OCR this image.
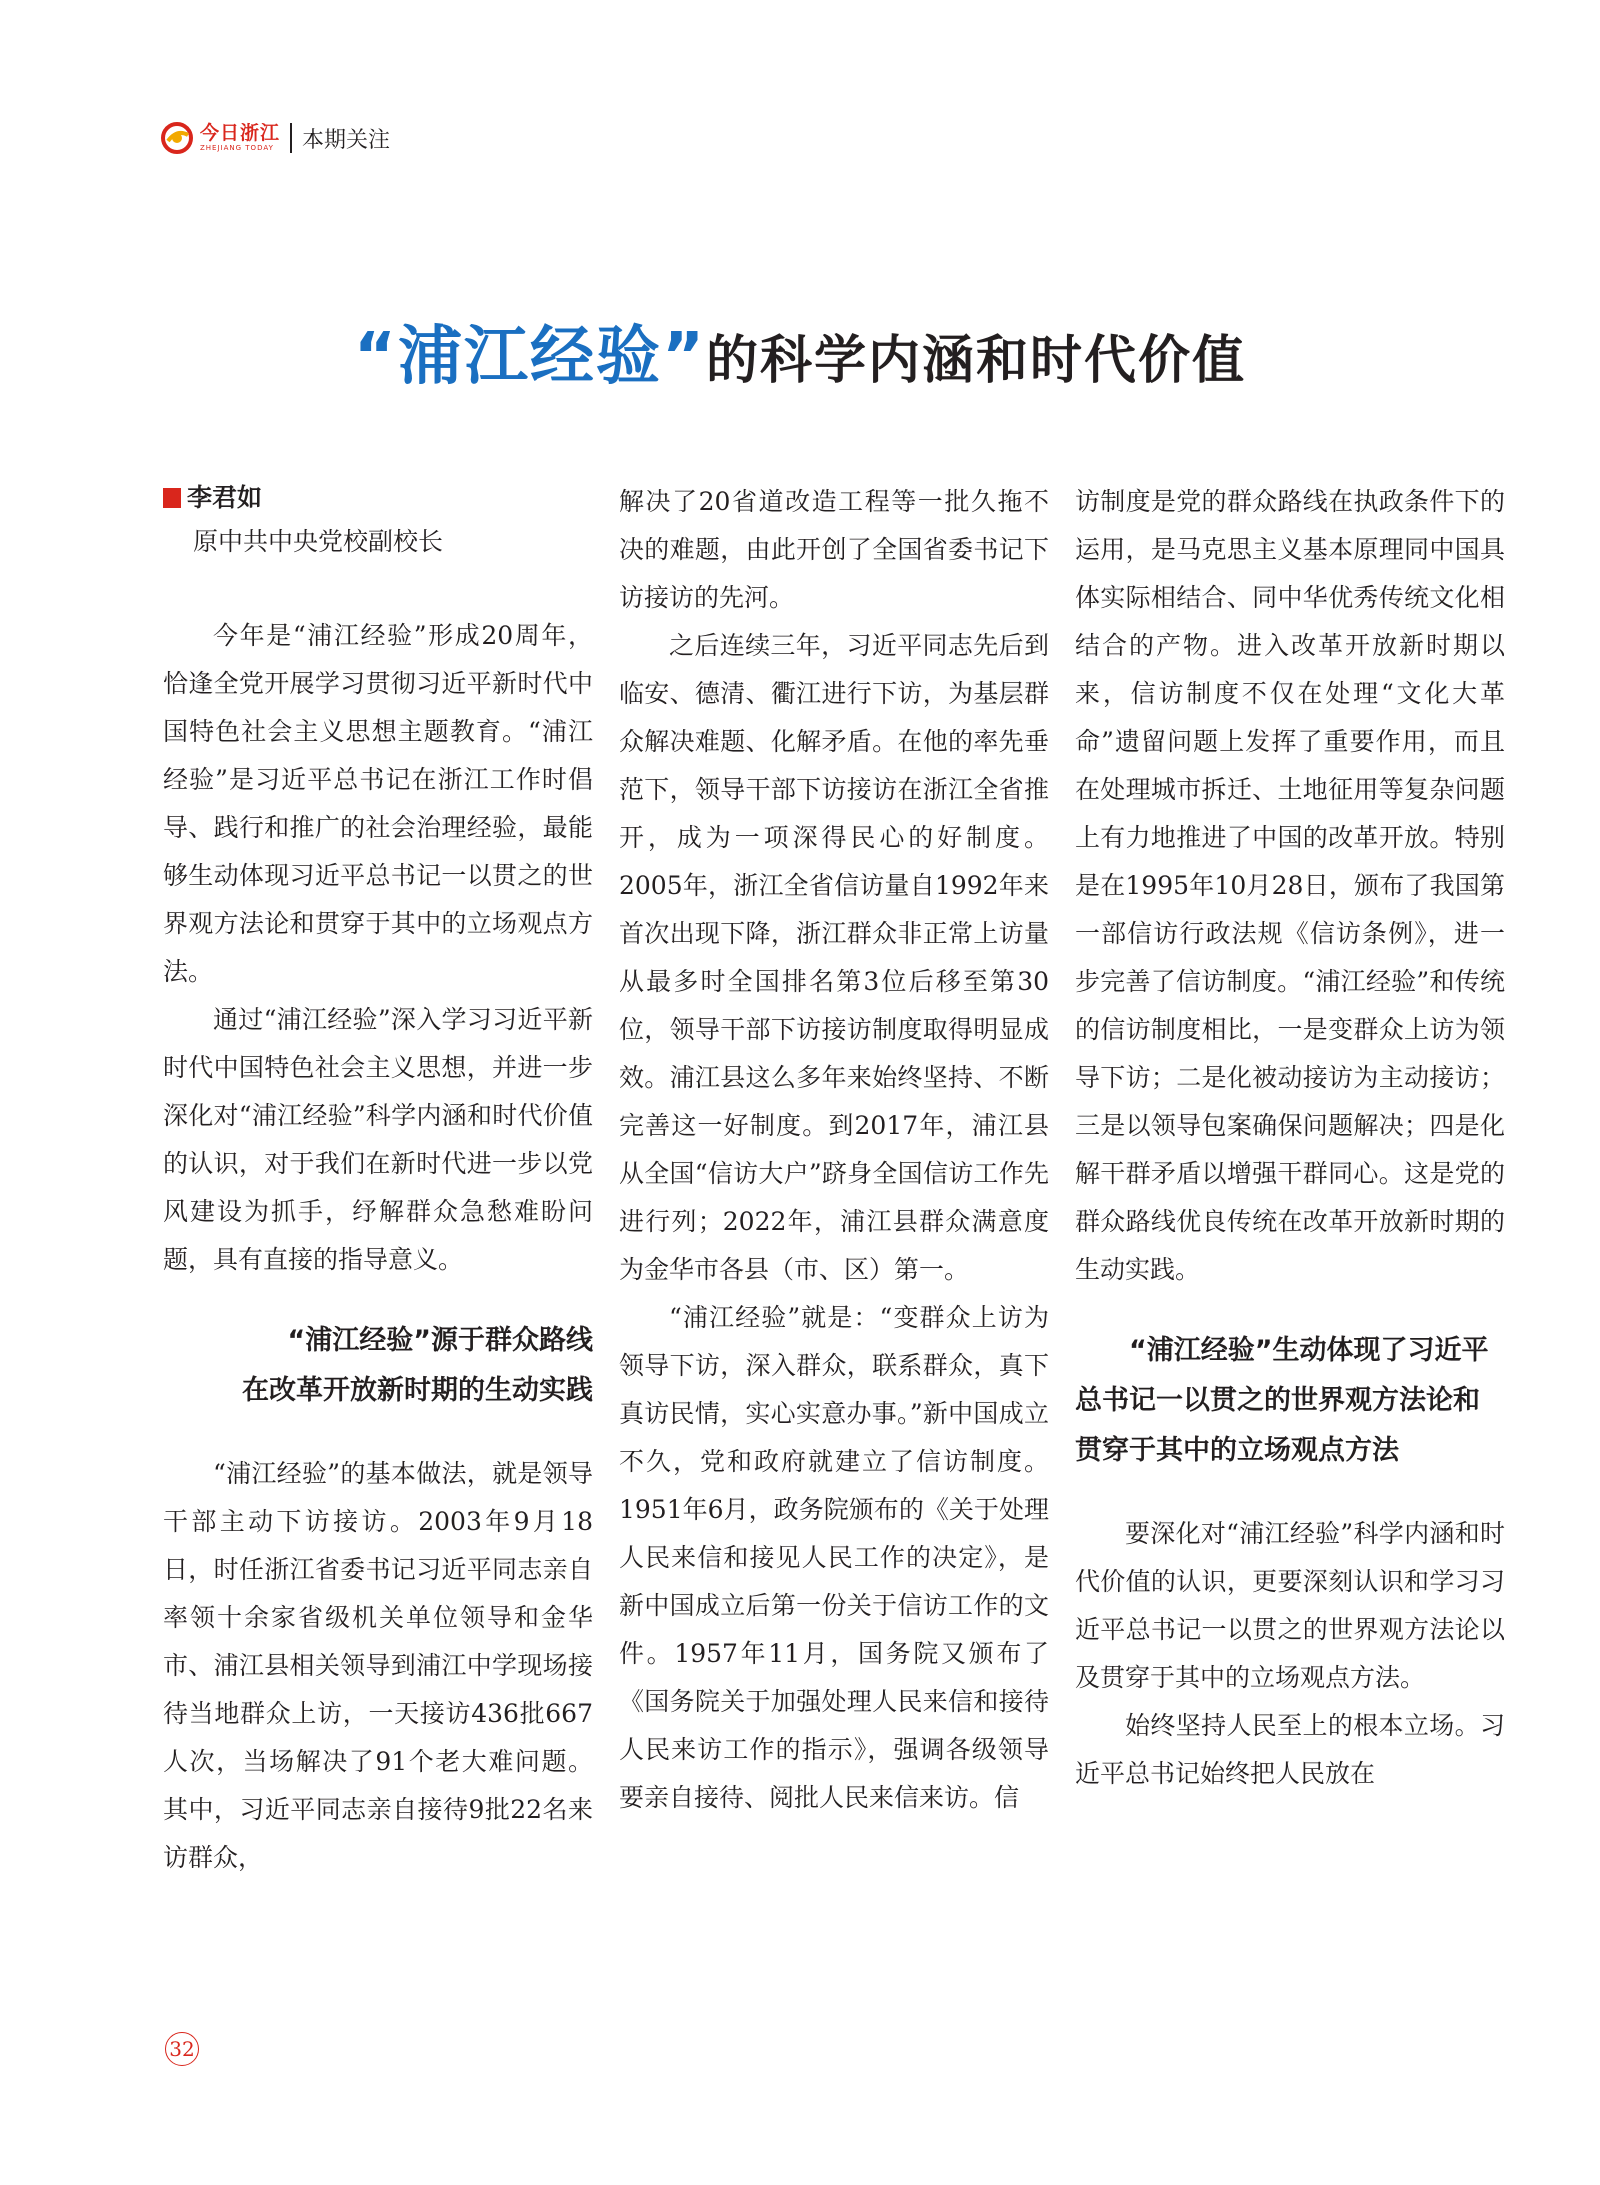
今日浙江
ZHEJIANG TODAY 本期关注
“浦江经验”的科学内涵和时代价值
李君如
原中共中央党校副校长

今年是“浦江经验”形成20周年，恰逢全党开展学习贯彻习近平新时代中国特色社会主义思想主题教育。“浦江经验”是习近平总书记在浙江工作时倡导、践行和推广的社会治理经验，最能够生动体现习近平总书记一以贯之的世界观方法论和贯穿于其中的立场观点方法。

通过“浦江经验”深入学习习近平新时代中国特色社会主义思想，并进一步深化对“浦江经验”科学内涵和时代价值的认识，对于我们在新时代进一步以党风建设为抓手，纾解群众急愁难盼问题，具有直接的指导意义。

“浦江经验”源于群众路线
在改革开放新时期的生动实践

“浦江经验”的基本做法，就是领导干部主动下访接访。2003年9月18日，时任浙江省委书记习近平同志亲自率领十余家省级机关单位领导和金华市、浦江县相关领导到浦江中学现场接待当地群众上访，一天接访436批667人次，当场解决了91个老大难问题。其中，习近平同志亲自接待9批22名来访群众，

解决了20省道改造工程等一批久拖不决的难题，由此开创了全国省委书记下访接访的先河。

之后连续三年，习近平同志先后到临安、德清、衢江进行下访，为基层群众解决难题、化解矛盾。在他的率先垂范下，领导干部下访接访在浙江全省推开，成为一项深得民心的好制度。2005年，浙江全省信访量自1992年来首次出现下降，浙江群众非正常上访量从最多时全国排名第3位后移至第30位，领导干部下访接访制度取得明显成效。浦江县这么多年来始终坚持、不断完善这一好制度。到2017年，浦江县从全国“信访大户”跻身全国信访工作先进行列；2022年，浦江县群众满意度为金华市各县（市、区）第一。

“浦江经验”就是：“变群众上访为领导下访，深入群众，联系群众，真下真访民情，实心实意办事。”新中国成立不久，党和政府就建立了信访制度。1951年6月，政务院颁布的《关于处理人民来信和接见人民工作的决定》，是新中国成立后第一份关于信访工作的文件。1957年11月，国务院又颁布了《国务院关于加强处理人民来信和接待人民来访工作的指示》，强调各级领导要亲自接待、阅批人民来信来访。信

访制度是党的群众路线在执政条件下的运用，是马克思主义基本原理同中国具体实际相结合、同中华优秀传统文化相结合的产物。进入改革开放新时期以来，信访制度不仅在处理“文化大革命”遗留问题上发挥了重要作用，而且在处理城市拆迁、土地征用等复杂问题上有力地推进了中国的改革开放。特别是在1995年10月28日，颁布了我国第一部信访行政法规《信访条例》，进一步完善了信访制度。“浦江经验”和传统的信访制度相比，一是变群众上访为领导下访；二是化被动接访为主动接访；三是以领导包案确保问题解决；四是化解干群矛盾以增强干群同心。这是党的群众路线优良传统在改革开放新时期的生动实践。

“浦江经验”生动体现了习近平总书记一以贯之的世界观方法论和贯穿于其中的立场观点方法

要深化对“浦江经验”科学内涵和时代价值的认识，更要深刻认识和学习习近平总书记一以贯之的世界观方法论以及贯穿于其中的立场观点方法。

始终坚持人民至上的根本立场。习近平总书记始终把人民放在

32
